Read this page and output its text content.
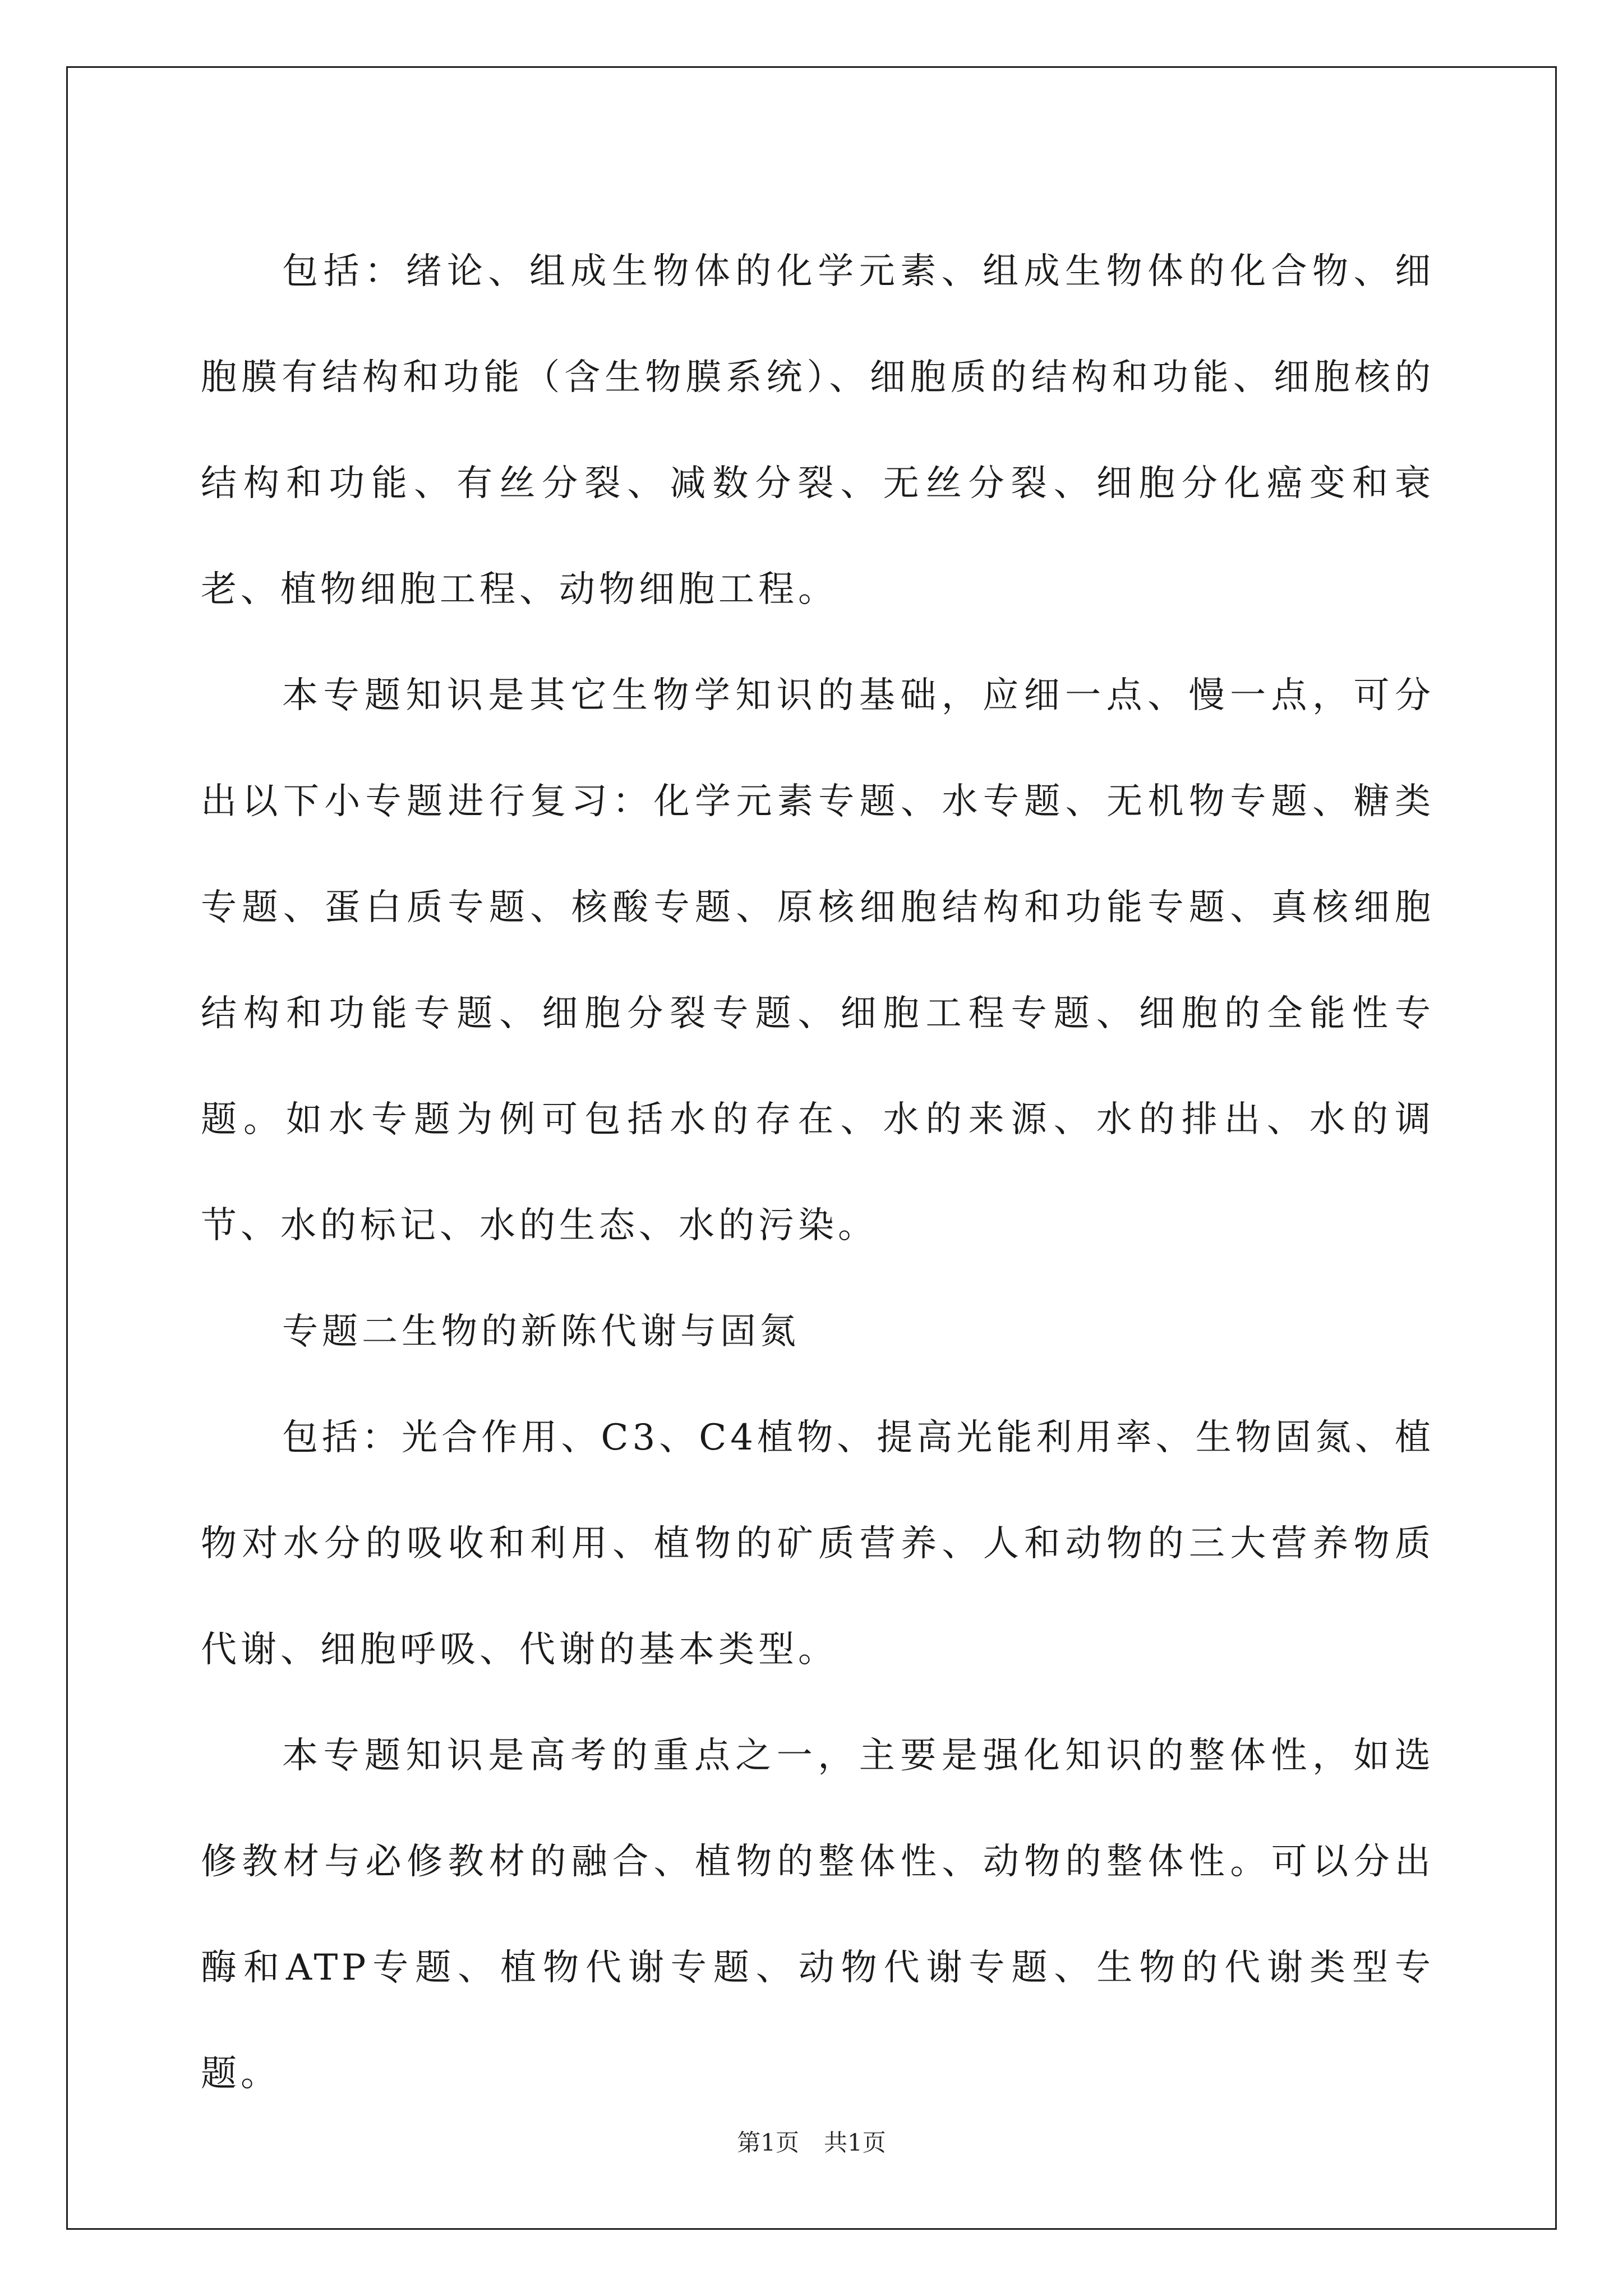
包括：绪论、组成生物体的化学元素、组成生物体的化合物、细胞膜有结构和功能（含生物膜系统）、细胞质的结构和功能、细胞核的结构和功能、有丝分裂、减数分裂、无丝分裂、细胞分化癌变和衰老、植物细胞工程、动物细胞工程。

本专题知识是其它生物学知识的基础，应细一点、慢一点，可分出以下小专题进行复习：化学元素专题、水专题、无机物专题、糖类专题、蛋白质专题、核酸专题、原核细胞结构和功能专题、真核细胞结构和功能专题、细胞分裂专题、细胞工程专题、细胞的全能性专题。如水专题为例可包括水的存在、水的来源、水的排出、水的调节、水的标记、水的生态、水的污染。

专题二生物的新陈代谢与固氮

包括：光合作用、C3、C4植物、提高光能利用率、生物固氮、植物对水分的吸收和利用、植物的矿质营养、人和动物的三大营养物质代谢、细胞呼吸、代谢的基本类型。

本专题知识是高考的重点之一，主要是强化知识的整体性，如选修教材与必修教材的融合、植物的整体性、动物的整体性。可以分出酶和ATP专题、植物代谢专题、动物代谢专题、生物的代谢类型专题。

第1页 共1页
